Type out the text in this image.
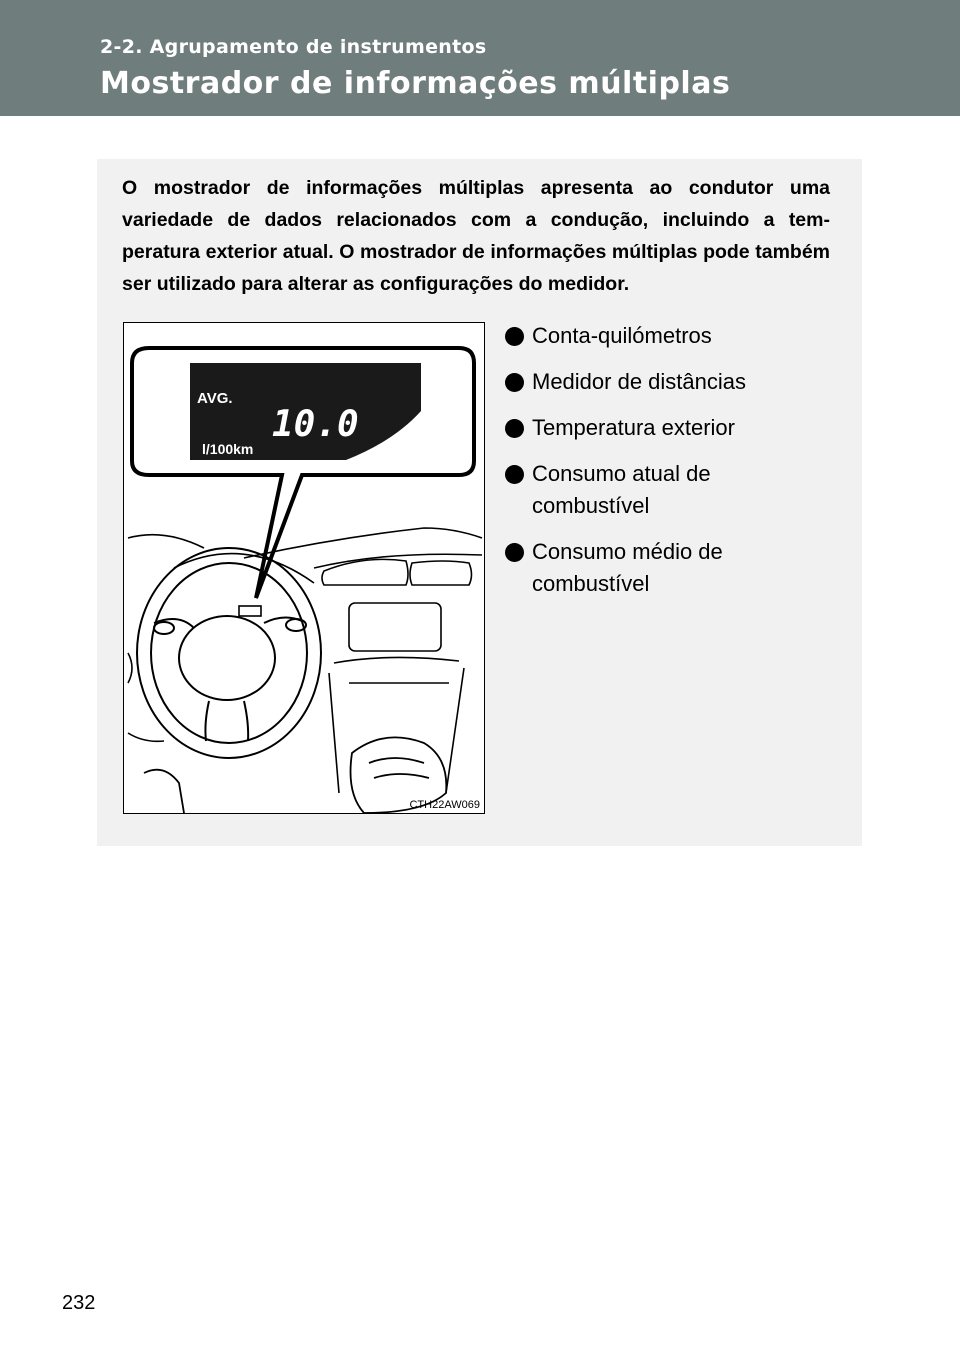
2-2. Agrupamento de instrumentos
Mostrador de informações múltiplas

O mostrador de informações múltiplas apresenta ao condutor uma variedade de dados relacionados com a condução, incluindo a tem- peratura exterior atual. O mostrador de informações múltiplas pode também ser utilizado para alterar as configurações do medidor.

AVG.
10.0
l/100km
CTH22AW069
Conta-quilómetros
Medidor de distâncias
Temperatura exterior
Consumo atual de combustível
Consumo médio de combustível
232
